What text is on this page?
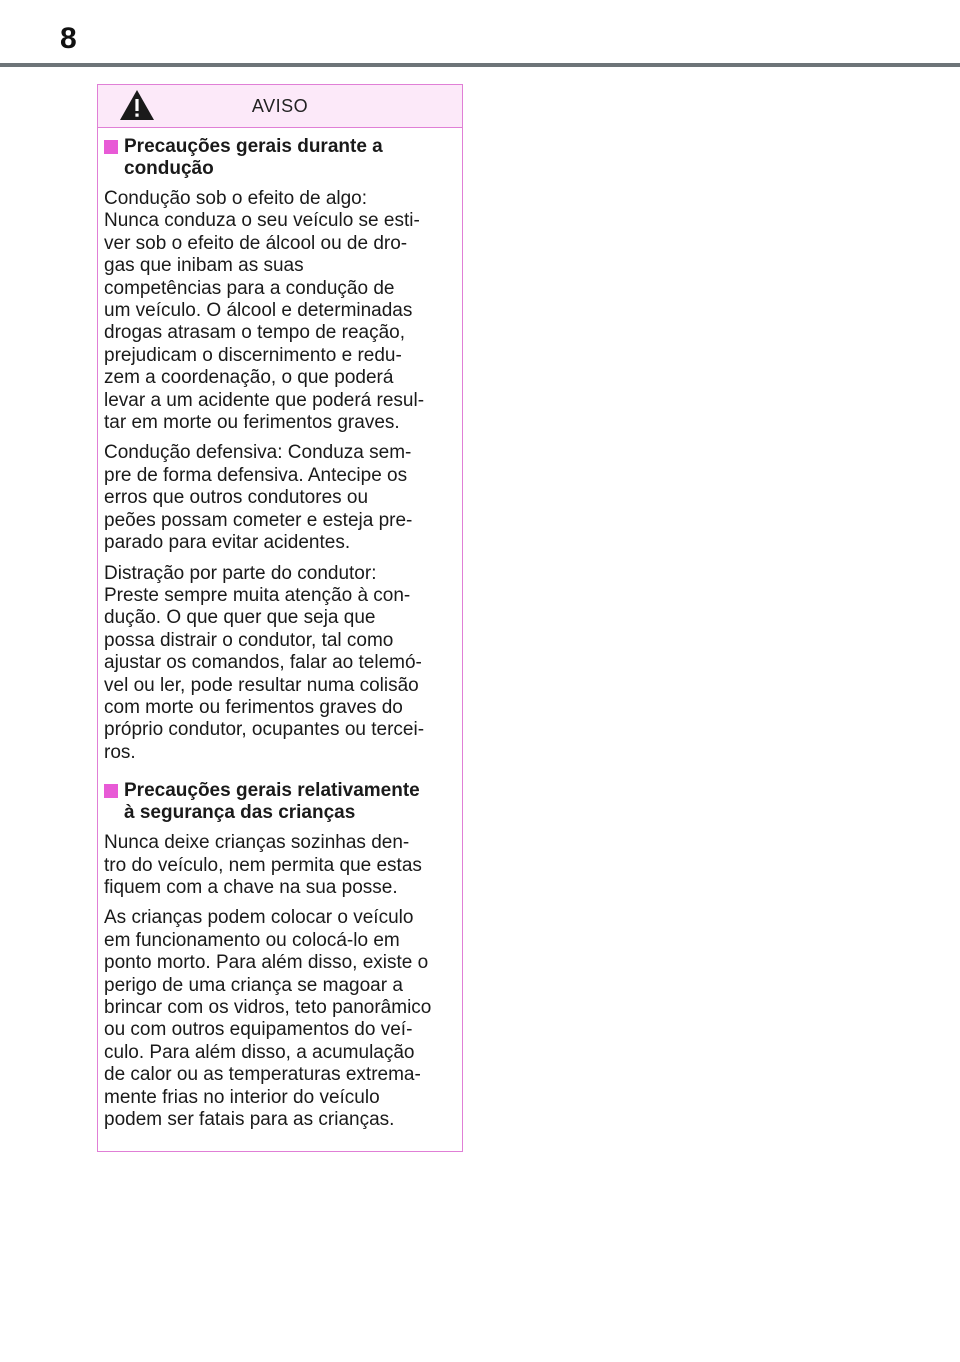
8
AVISO
Precauções gerais durante a
condução

Condução sob o efeito de algo:
Nunca conduza o seu veículo se esti-
ver sob o efeito de álcool ou de dro-
gas que inibam as suas
competências para a condução de
um veículo. O álcool e determinadas
drogas atrasam o tempo de reação,
prejudicam o discernimento e redu-
zem a coordenação, o que poderá
levar a um acidente que poderá resul-
tar em morte ou ferimentos graves.

Condução defensiva: Conduza sem-
pre de forma defensiva. Antecipe os
erros que outros condutores ou
peões possam cometer e esteja pre-
parado para evitar acidentes.

Distração por parte do condutor:
Preste sempre muita atenção à con-
dução. O que quer que seja que
possa distrair o condutor, tal como
ajustar os comandos, falar ao telemó-
vel ou ler, pode resultar numa colisão
com morte ou ferimentos graves do
próprio condutor, ocupantes ou tercei-
ros.

Precauções gerais relativamente
à segurança das crianças

Nunca deixe crianças sozinhas den-
tro do veículo, nem permita que estas
fiquem com a chave na sua posse.

As crianças podem colocar o veículo
em funcionamento ou colocá-lo em
ponto morto. Para além disso, existe o
perigo de uma criança se magoar a
brincar com os vidros, teto panorâmico
ou com outros equipamentos do veí-
culo. Para além disso, a acumulação
de calor ou as temperaturas extrema-
mente frias no interior do veículo
podem ser fatais para as crianças.
